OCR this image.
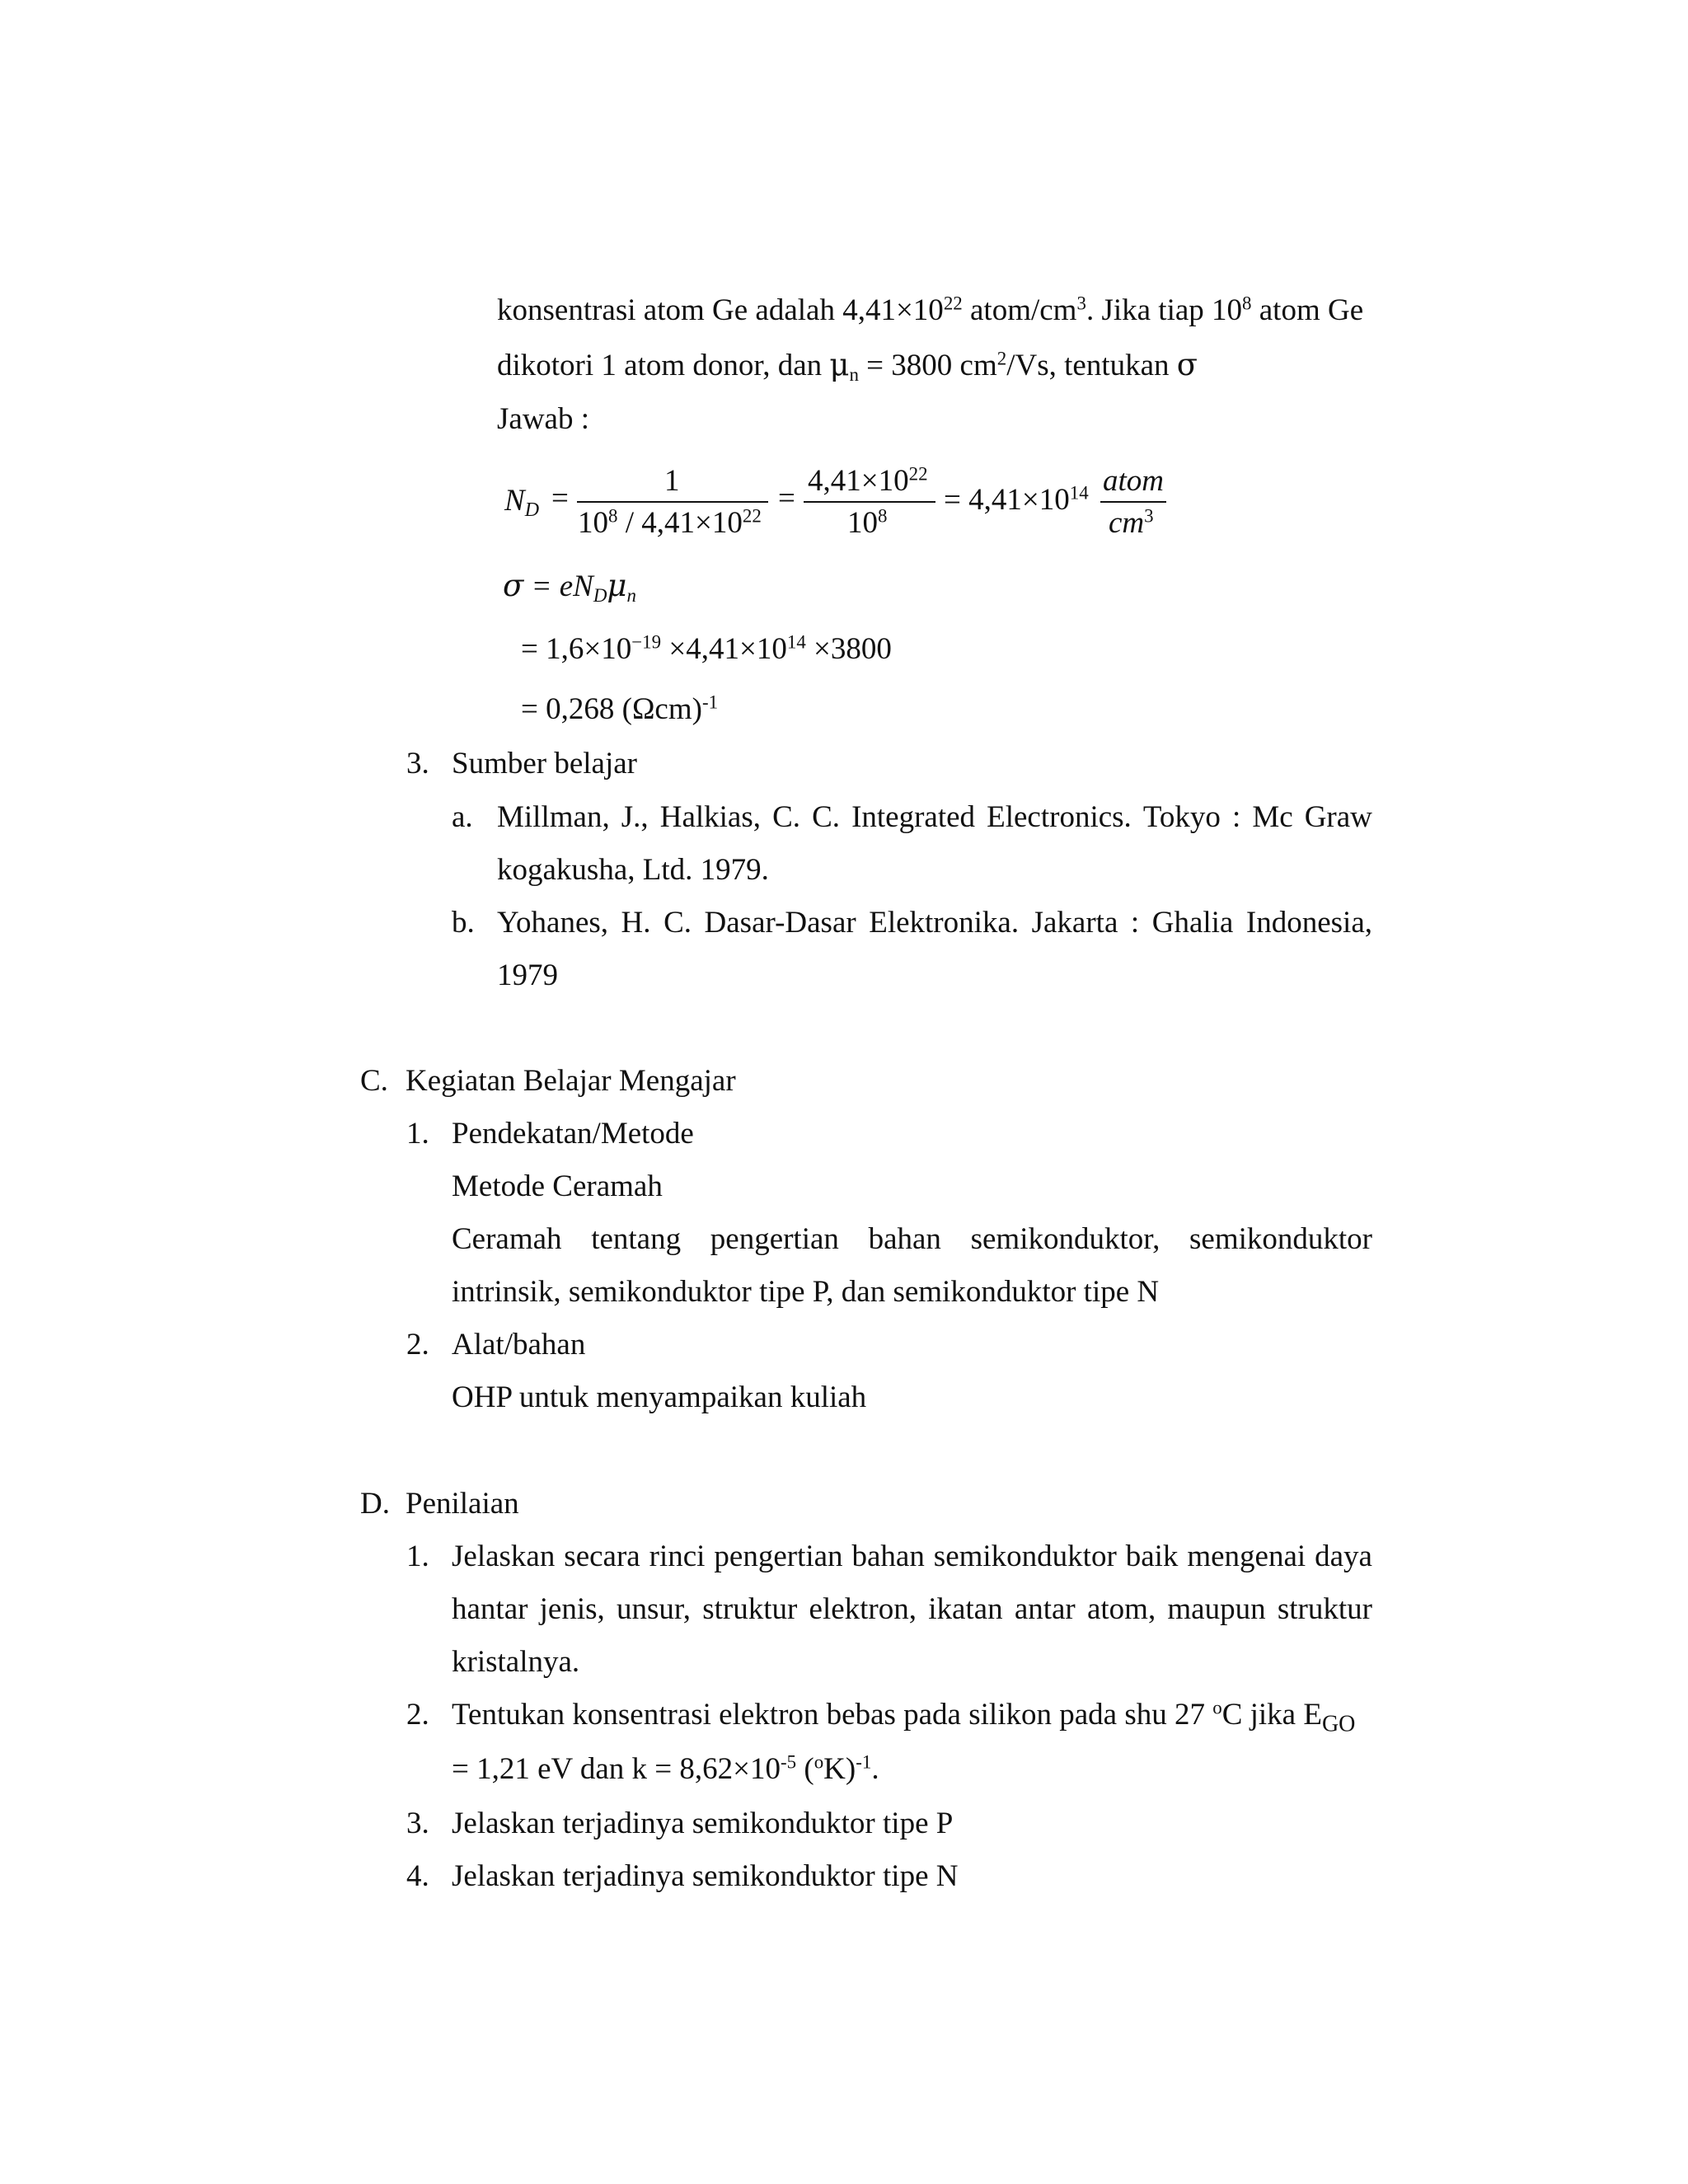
konsentrasi atom Ge adalah $4,41\times 10^{22}$ atom/$cm^3$. Jika tiap $10^8$ atom Ge
dikotori 1 atom donor, dan $\mu_n = 3800$ $cm^2/Vs$, tentukan σ
Jawab :
$N_D$ =
1
$10^8 / 4,41\times 10^{22}$
=
$4,41\times 10^{22}$
$10^8 = 4,41\times 10^{14}$ atom
$cm^3$
$\sigma = eN_D\mu_n$
= $1,6\times 10^{-19} \times 4,41\times 10^{14} \times 3800$
= 0,268 $(\Omega cm)^{-1}$
3. Sumber belajar
a. Millman, J., Halkias, C. C. Integrated Electronics. Tokyo : Mc Graw
kogakusha, Ltd. 1979.
b. Yohanes, H. C. Dasar-Dasar Elektronika. Jakarta : Ghalia Indonesia,
1979
C. Kegiatan Belajar Mengajar
1. Pendekatan/Metode
Metode Ceramah
Ceramah tentang pengertian bahan semikonduktor, semikonduktor
intrinsik, semikonduktor tipe P, dan semikonduktor tipe N
2. Alat/bahan
OHP untuk menyampaikan kuliah
D. Penilaian
1. Jelaskan secara rinci pengertian bahan semikonduktor baik mengenai daya
hantar jenis, unsur, struktur elektron, ikatan antar atom, maupun struktur
kristalnya.
2. Tentukan konsentrasi elektron bebas pada silikon pada shu 27 $^o$C jika $E_{GO}$
= 1,21 eV dan $k = 8,62\times 10^{-5}$ $(^oK)^{-1}$.
3. Jelaskan terjadinya semikonduktor tipe P
4. Jelaskan terjadinya semikonduktor tipe N
